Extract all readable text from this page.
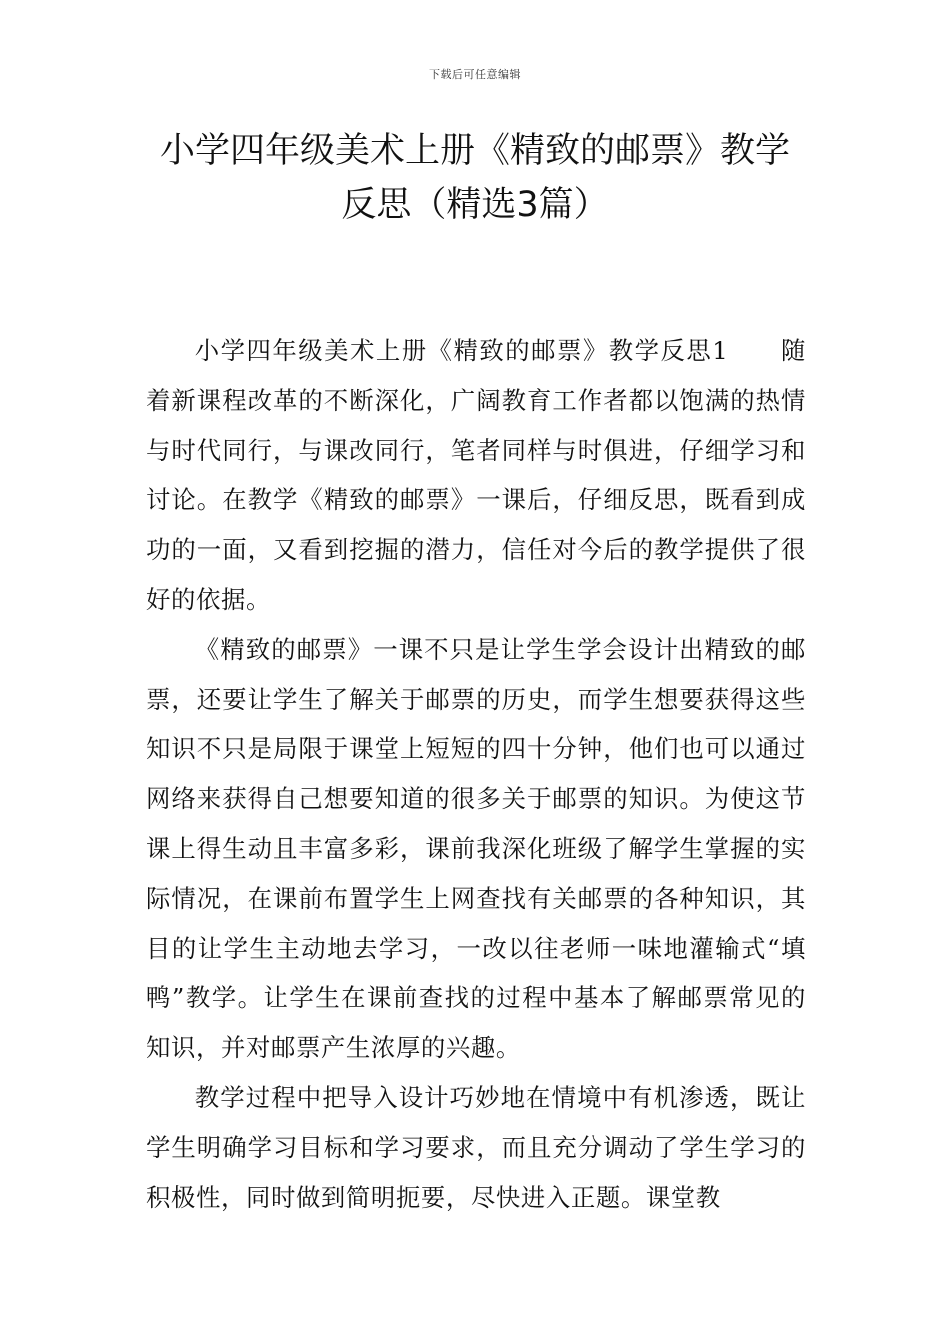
下载后可任意编辑
小学四年级美术上册《精致的邮票》教学
反思（精选3篇）

小学四年级美术上册《精致的邮票》教学反思1　　随着新课程改革的不断深化，广阔教育工作者都以饱满的热情与时代同行，与课改同行，笔者同样与时俱进，仔细学习和讨论。在教学《精致的邮票》一课后，仔细反思，既看到成功的一面，又看到挖掘的潜力，信任对今后的教学提供了很好的依据。

《精致的邮票》一课不只是让学生学会设计出精致的邮票，还要让学生了解关于邮票的历史，而学生想要获得这些知识不只是局限于课堂上短短的四十分钟，他们也可以通过网络来获得自己想要知道的很多关于邮票的知识。为使这节课上得生动且丰富多彩，课前我深化班级了解学生掌握的实际情况，在课前布置学生上网查找有关邮票的各种知识，其目的让学生主动地去学习，一改以往老师一味地灌输式“填鸭”教学。让学生在课前查找的过程中基本了解邮票常见的知识，并对邮票产生浓厚的兴趣。

教学过程中把导入设计巧妙地在情境中有机渗透，既让学生明确学习目标和学习要求，而且充分调动了学生学习的积极性，同时做到简明扼要，尽快进入正题。课堂教
